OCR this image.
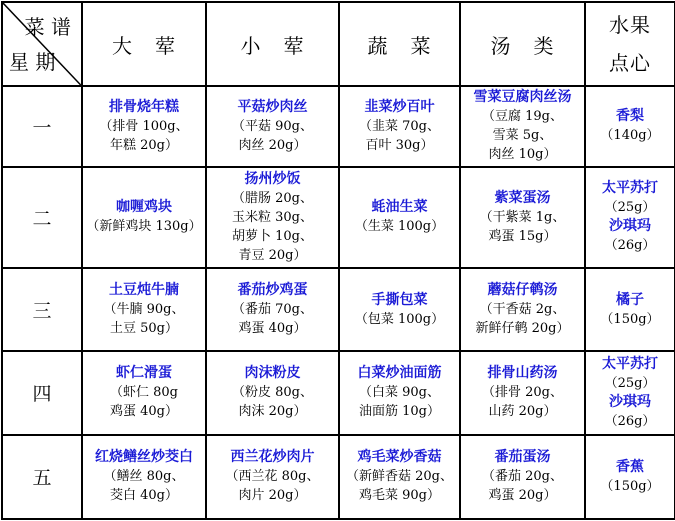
菜 谱
星 期	大 荤	小 荤	蔬 菜	汤 类	水果
点心

一	排骨烧年糕
（排骨 100g、
年糕 20g）	平菇炒肉丝
（平菇 90g、
肉丝 20g）	韭菜炒百叶
（韭菜 70g、
百叶 30g）	雪菜豆腐肉丝汤
（豆腐 19g、
雪菜 5g、
肉丝 10g）	香梨
（140g）

二	咖喱鸡块
（新鲜鸡块 130g）	扬州炒饭
（腊肠 20g、
玉米粒 30g、
胡萝卜 10g、
青豆 20g）	蚝油生菜
（生菜 100g）	紫菜蛋汤
（干紫菜 1g、
鸡蛋 15g）	太平苏打
（25g）
沙琪玛
（26g）

三	土豆炖牛腩
（牛腩 90g、
土豆 50g）	番茄炒鸡蛋
（番茄 70g、
鸡蛋 40g）	手撕包菜
（包菜 100g）	蘑菇仔鹌汤
（干香菇 2g、
新鲜仔鹌 20g）	橘子
（150g）

四	虾仁滑蛋
（虾仁 80g
鸡蛋 40g）	肉沫粉皮
（粉皮 80g、
肉沫 20g）	白菜炒油面筋
（白菜 90g、
油面筋 10g）	排骨山药汤
（排骨 20g、
山药 20g）	太平苏打
（25g）
沙琪玛
（26g）

五	红烧鳝丝炒茭白
（鳝丝 80g、
茭白 40g）	西兰花炒肉片
（西兰花 80g、
肉片 20g）	鸡毛菜炒香菇
（新鲜香菇 20g、
鸡毛菜 90g）	番茄蛋汤
（番茄 20g、
鸡蛋 20g）	香蕉
（150g）
